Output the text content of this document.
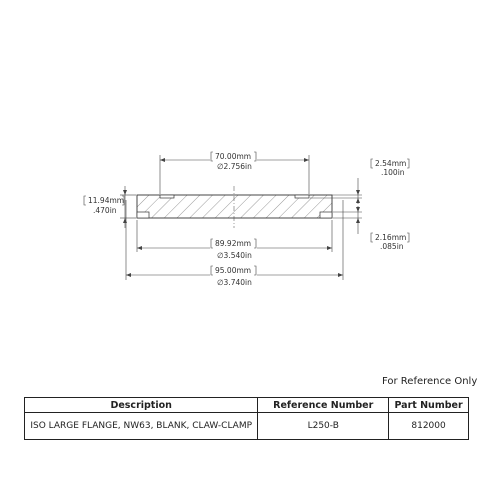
70.00mm
∅2.756in	2.54mm
.100in
11.94mm
.470in
2.16mm
.085in
89.92mm
∅3.540in
95.00mm
∅3.740in
For Reference Only
Description	Reference Number	Part Number
ISO LARGE FLANGE, NW63, BLANK, CLAW-CLAMP	L250-B	812000
